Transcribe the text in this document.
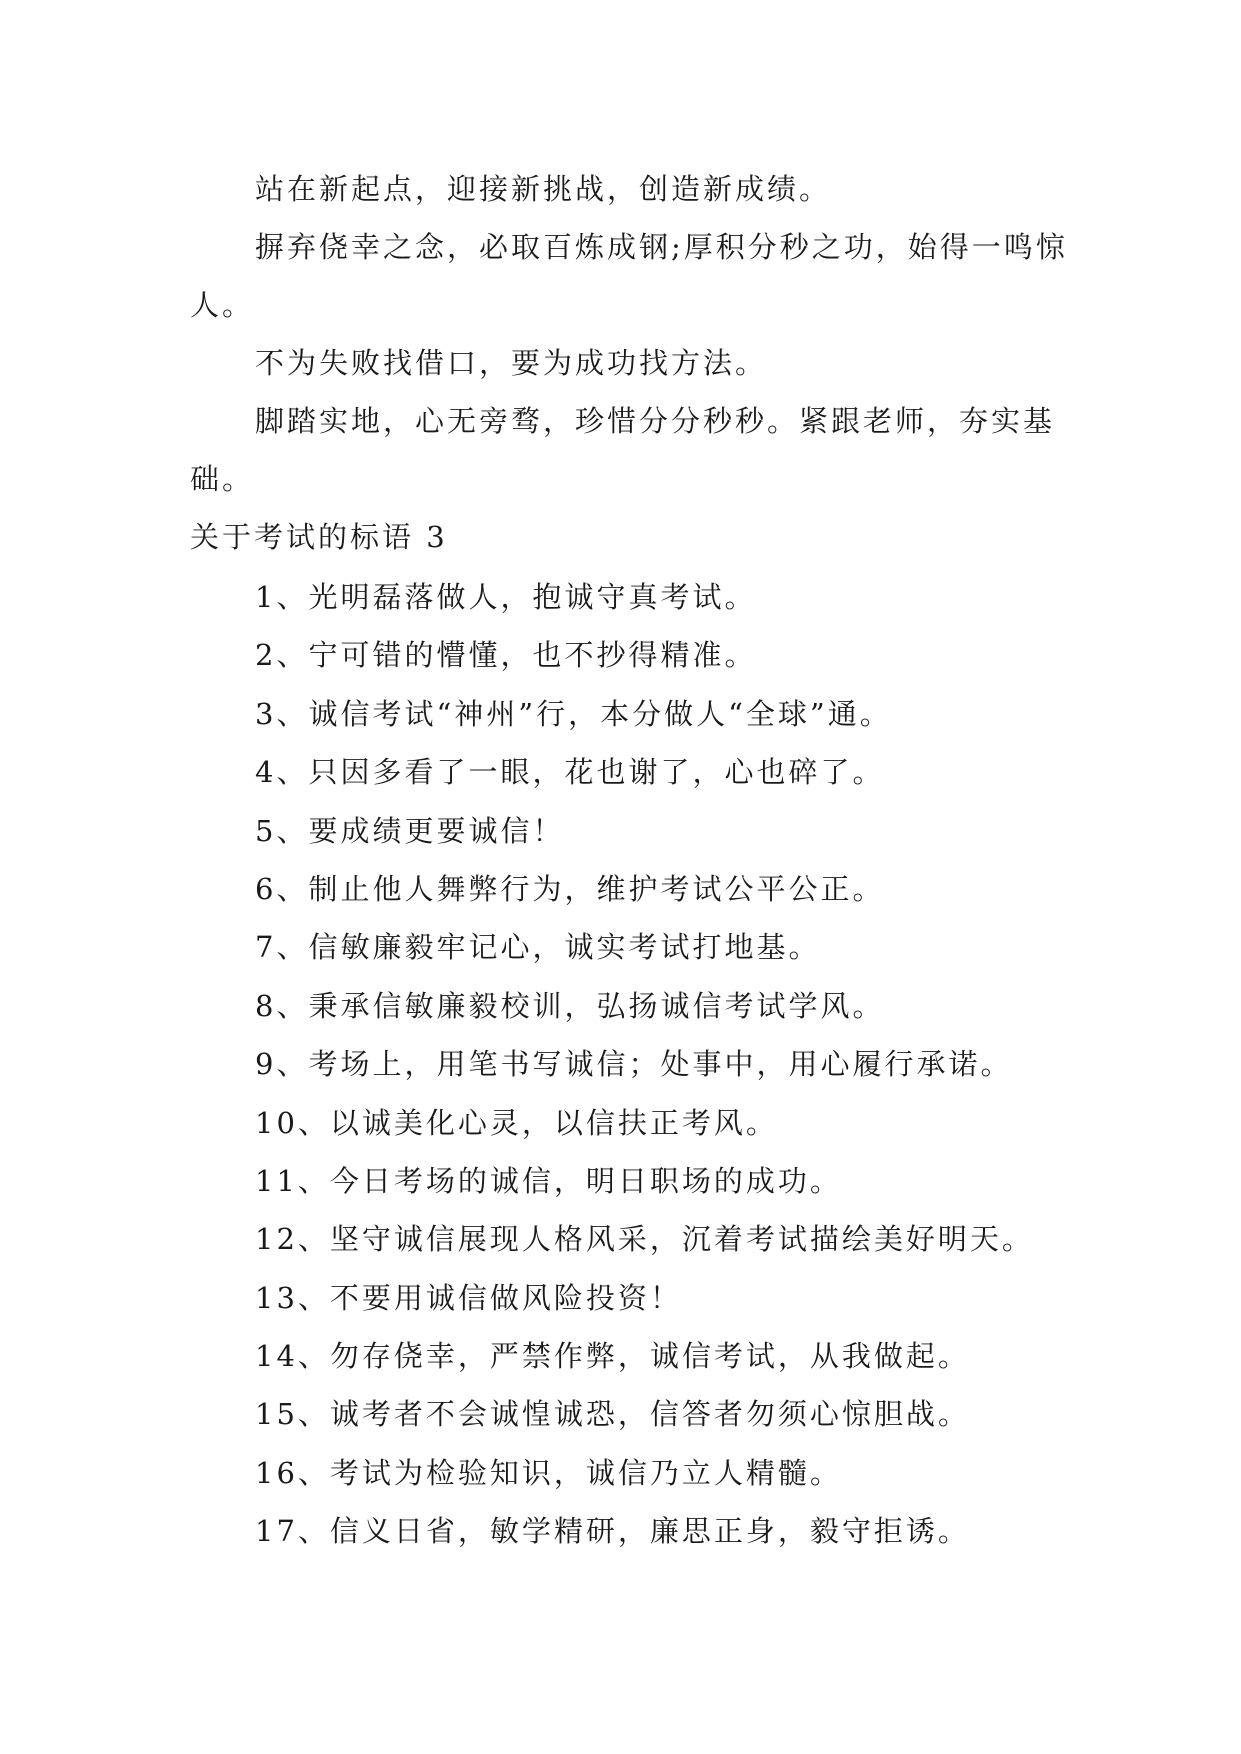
站在新起点，迎接新挑战，创造新成绩。

摒弃侥幸之念，必取百炼成钢;厚积分秒之功，始得一鸣惊人。

不为失败找借口，要为成功找方法。

脚踏实地，心无旁骛，珍惜分分秒秒。紧跟老师，夯实基础。

关于考试的标语 3

1、光明磊落做人，抱诚守真考试。
2、宁可错的懵懂，也不抄得精准。
3、诚信考试“神州”行，本分做人“全球”通。
4、只因多看了一眼，花也谢了，心也碎了。
5、要成绩更要诚信！
6、制止他人舞弊行为，维护考试公平公正。
7、信敏廉毅牢记心，诚实考试打地基。
8、秉承信敏廉毅校训，弘扬诚信考试学风。
9、考场上，用笔书写诚信；处事中，用心履行承诺。
10、以诚美化心灵，以信扶正考风。
11、今日考场的诚信，明日职场的成功。
12、坚守诚信展现人格风采，沉着考试描绘美好明天。
13、不要用诚信做风险投资！
14、勿存侥幸，严禁作弊，诚信考试，从我做起。
15、诚考者不会诚惶诚恐，信答者勿须心惊胆战。
16、考试为检验知识，诚信乃立人精髓。
17、信义日省，敏学精研，廉思正身，毅守拒诱。
